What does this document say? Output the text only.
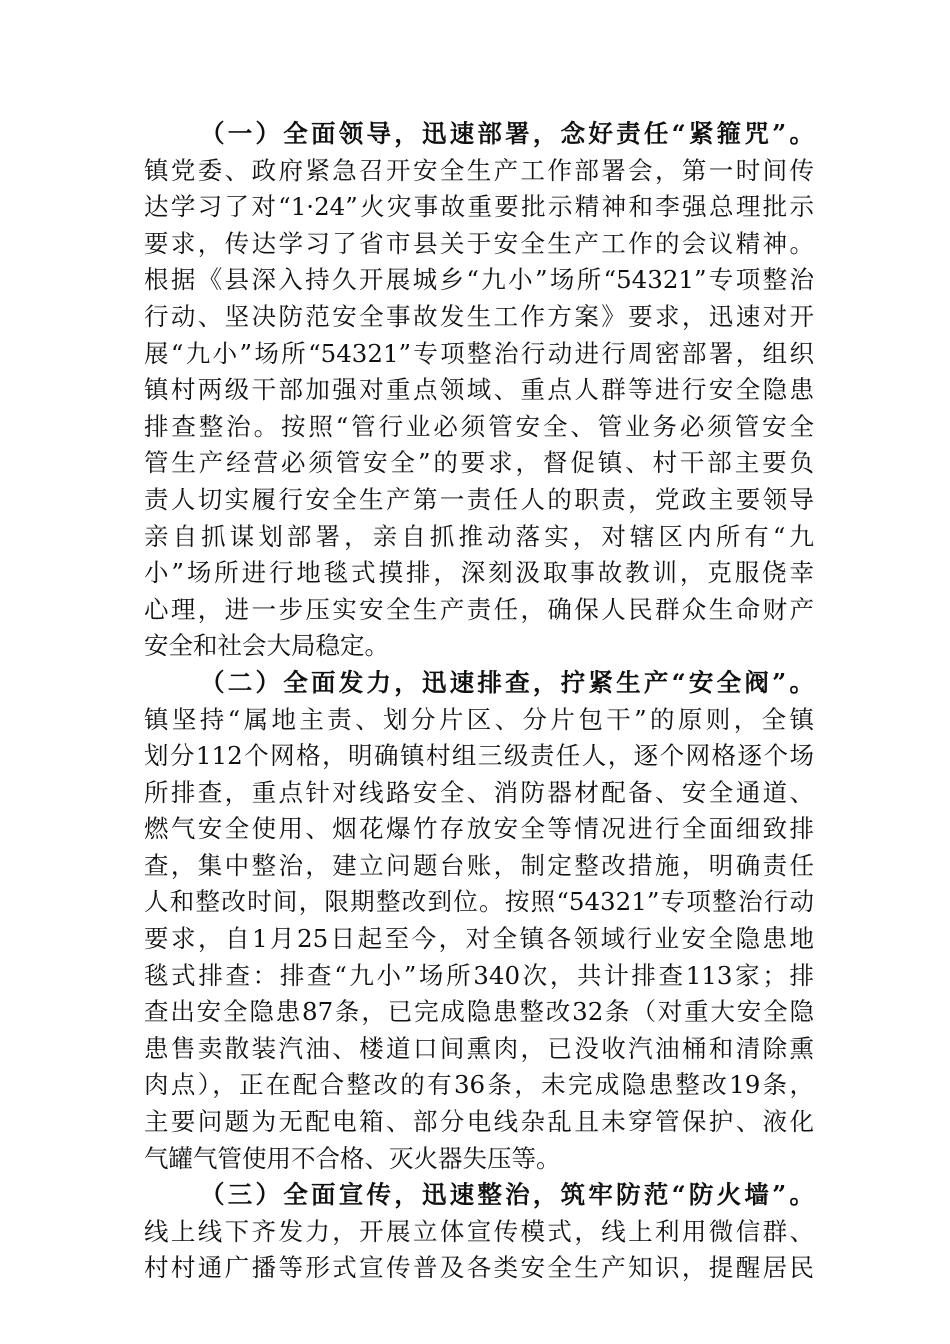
（一）全面领导，迅速部署，念好责任“紧箍咒”。
镇党委、政府紧急召开安全生产工作部署会，第一时间传
达学习了对“1·24”火灾事故重要批示精神和李强总理批示
要求，传达学习了省市县关于安全生产工作的会议精神。
根据《县深入持久开展城乡“九小”场所“54321”专项整治
行动、坚决防范安全事故发生工作方案》要求，迅速对开
展“九小”场所“54321”专项整治行动进行周密部署，组织
镇村两级干部加强对重点领域、重点人群等进行安全隐患
排查整治。按照“管行业必须管安全、管业务必须管安全
管生产经营必须管安全”的要求，督促镇、村干部主要负
责人切实履行安全生产第一责任人的职责，党政主要领导
亲自抓谋划部署，亲自抓推动落实，对辖区内所有“九
小”场所进行地毯式摸排，深刻汲取事故教训，克服侥幸
心理，进一步压实安全生产责任，确保人民群众生命财产
安全和社会大局稳定。
（二）全面发力，迅速排查，拧紧生产“安全阀”。
镇坚持“属地主责、划分片区、分片包干”的原则，全镇
划分112个网格，明确镇村组三级责任人，逐个网格逐个场
所排查，重点针对线路安全、消防器材配备、安全通道、
燃气安全使用、烟花爆竹存放安全等情况进行全面细致排
查，集中整治，建立问题台账，制定整改措施，明确责任
人和整改时间，限期整改到位。按照“54321”专项整治行动
要求，自1月25日起至今，对全镇各领域行业安全隐患地
毯式排查：排查“九小”场所340次，共计排查113家；排
查出安全隐患87条，已完成隐患整改32条（对重大安全隐
患售卖散装汽油、楼道口间熏肉，已没收汽油桶和清除熏
肉点），正在配合整改的有36条，未完成隐患整改19条，
主要问题为无配电箱、部分电线杂乱且未穿管保护、液化
气罐气管使用不合格、灭火器失压等。
（三）全面宣传，迅速整治，筑牢防范“防火墙”。
线上线下齐发力，开展立体宣传模式，线上利用微信群、
村村通广播等形式宣传普及各类安全生产知识，提醒居民
